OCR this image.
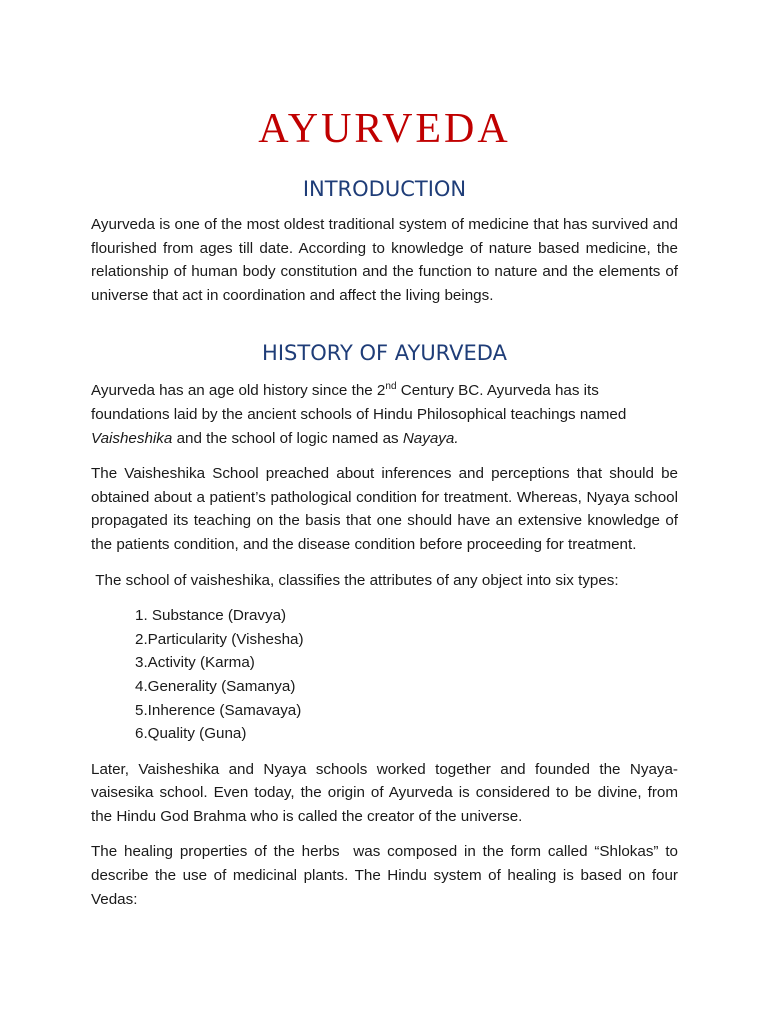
AYURVEDA
INTRODUCTION

Ayurveda is one of the most oldest traditional system of medicine that has survived and flourished from ages till date. According to knowledge of nature based medicine, the relationship of human body constitution and the function to nature and the elements of universe that act in coordination and affect the living beings.

HISTORY OF AYURVEDA

Ayurveda has an age old history since the 2nd Century BC. Ayurveda has its foundations laid by the ancient schools of Hindu Philosophical teachings named Vaisheshika and the school of logic named as Nayaya.

The Vaisheshika School preached about inferences and perceptions that should be obtained about a patient’s pathological condition for treatment. Whereas, Nyaya school propagated its teaching on the basis that one should have an extensive knowledge of the patients condition, and the disease condition before proceeding for treatment.

The school of vaisheshika, classifies the attributes of any object into six types:

1. Substance (Dravya)
2.Particularity (Vishesha)
3.Activity (Karma)
4.Generality (Samanya)
5.Inherence (Samavaya)
6.Quality (Guna)

Later, Vaisheshika and Nyaya schools worked together and founded the Nyaya-vaisesika school. Even today, the origin of Ayurveda is considered to be divine, from the Hindu God Brahma who is called the creator of the universe.

The healing properties of the herbs  was composed in the form called “Shlokas” to describe the use of medicinal plants. The Hindu system of healing is based on four Vedas:
